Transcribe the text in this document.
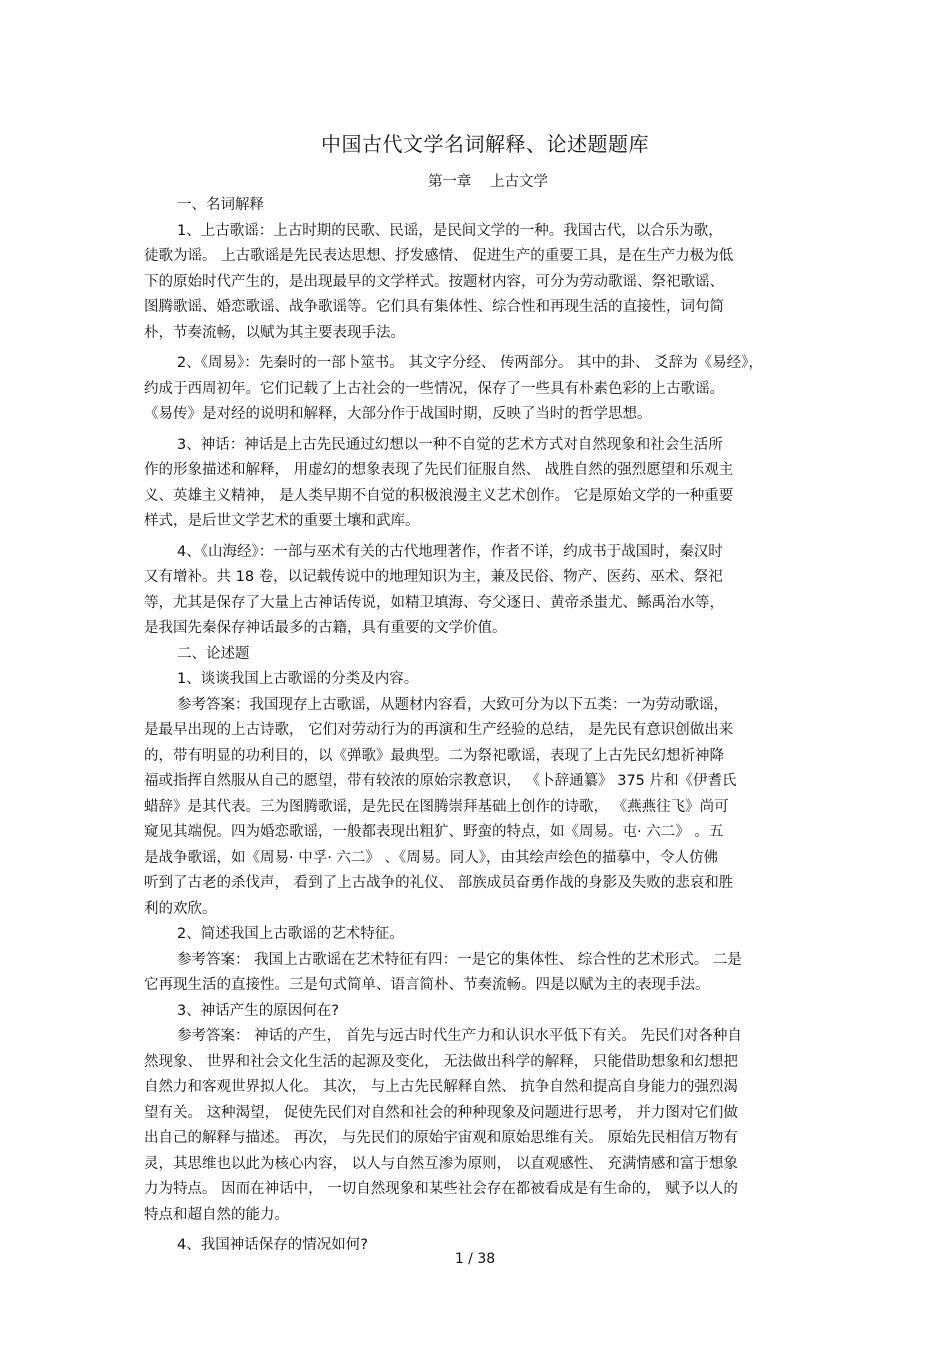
中国古代文学名词解释、论述题题库
第一章 上古文学
一、名词解释
1、上古歌谣：上古时期的民歌、民谣，是民间文学的一种。我国古代，以合乐为歌，
徒歌为谣。 上古歌谣是先民表达思想、抒发感情、 促进生产的重要工具，是在生产力极为低
下的原始时代产生的，是出现最早的文学样式。按题材内容，可分为劳动歌谣、祭祀歌谣、
图腾歌谣、婚恋歌谣、战争歌谣等。它们具有集体性、综合性和再现生活的直接性，词句简
朴，节奏流畅，以赋为其主要表现手法。
2、《周易》：先秦时的一部卜筮书。 其文字分经、 传两部分。 其中的卦、 爻辞为《易经》，
约成于西周初年。它们记载了上古社会的一些情况，保存了一些具有朴素色彩的上古歌谣。
《易传》是对经的说明和解释，大部分作于战国时期，反映了当时的哲学思想。
3、神话：神话是上古先民通过幻想以一种不自觉的艺术方式对自然现象和社会生活所
作的形象描述和解释， 用虚幻的想象表现了先民们征服自然、 战胜自然的强烈愿望和乐观主
义、英雄主义精神， 是人类早期不自觉的积极浪漫主义艺术创作。 它是原始文学的一种重要
样式，是后世文学艺术的重要土壤和武库。
4、《山海经》：一部与巫术有关的古代地理著作，作者不详，约成书于战国时，秦汉时
又有增补。共 18 卷，以记载传说中的地理知识为主，兼及民俗、物产、医药、巫术、祭祀
等，尤其是保存了大量上古神话传说，如精卫填海、夸父逐日、黄帝杀蚩尤、鲧禹治水等，
是我国先秦保存神话最多的古籍，具有重要的文学价值。
二、论述题
1、谈谈我国上古歌谣的分类及内容。
参考答案：我国现存上古歌谣，从题材内容看，大致可分为以下五类：一为劳动歌谣，
是最早出现的上古诗歌， 它们对劳动行为的再演和生产经验的总结， 是先民有意识创做出来
的，带有明显的功利目的，以《弹歌》最典型。二为祭祀歌谣，表现了上古先民幻想祈神降
福或指挥自然服从自己的愿望，带有较浓的原始宗教意识， 《卜辞通纂》 375 片和《伊耆氏
蜡辞》是其代表。三为图腾歌谣，是先民在图腾崇拜基础上创作的诗歌， 《燕燕往飞》尚可
窥见其端倪。四为婚恋歌谣，一般都表现出粗犷、野蛮的特点，如《周易。屯· 六二》 。五
是战争歌谣，如《周易· 中孚· 六二》 、《周易。同人》，由其绘声绘色的描摹中，令人仿佛
听到了古老的杀伐声， 看到了上古战争的礼仪、 部族成员奋勇作战的身影及失败的悲哀和胜
利的欢欣。
2、简述我国上古歌谣的艺术特征。
参考答案： 我国上古歌谣在艺术特征有四：一是它的集体性、 综合性的艺术形式。 二是
它再现生活的直接性。三是句式简单、语言简朴、节奏流畅。四是以赋为主的表现手法。
3、神话产生的原因何在?
参考答案： 神话的产生， 首先与远古时代生产力和认识水平低下有关。 先民们对各种自
然现象、 世界和社会文化生活的起源及变化， 无法做出科学的解释， 只能借助想象和幻想把
自然力和客观世界拟人化。 其次， 与上古先民解释自然、 抗争自然和提高自身能力的强烈渴
望有关。 这种渴望， 促使先民们对自然和社会的种种现象及问题进行思考， 并力图对它们做
出自己的解释与描述。 再次， 与先民们的原始宇宙观和原始思维有关。 原始先民相信万物有
灵，其思维也以此为核心内容， 以人与自然互渗为原则， 以直观感性、 充满情感和富于想象
力为特点。 因而在神话中， 一切自然现象和某些社会存在都被看成是有生命的， 赋予以人的
特点和超自然的能力。
4、我国神话保存的情况如何?
1 / 38
